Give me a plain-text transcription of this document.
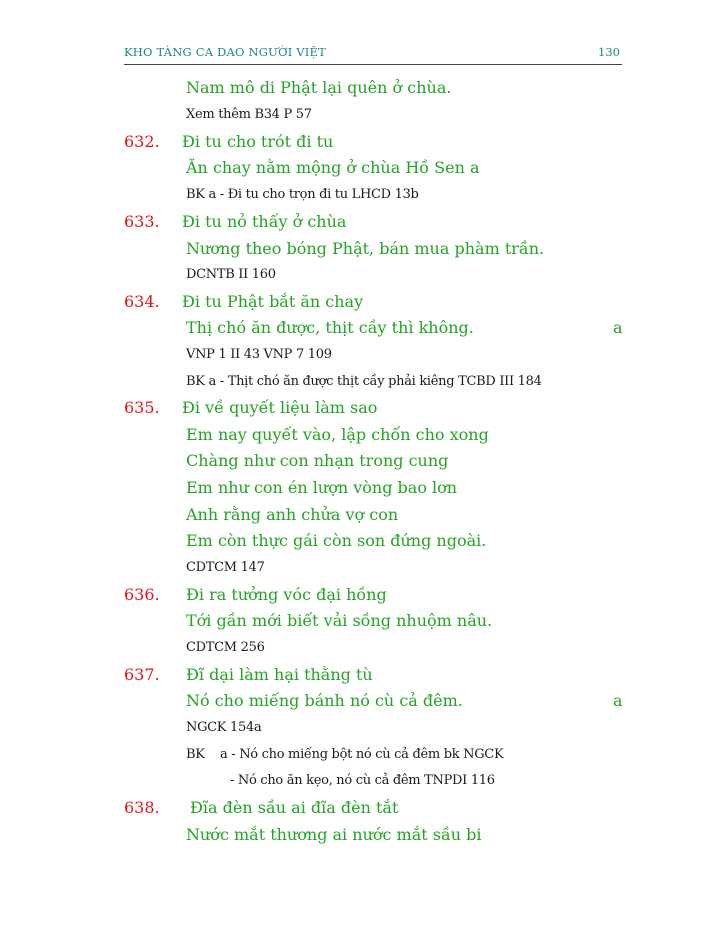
KHO TÀNG CA DAO NGƯỜI VIỆT	130
Nam mô di Phật lại quên ở chùa.
Xem thêm B34 P 57
632. Đi tu cho trót đi tu
Ăn chay nằm mộng ở chùa Hồ Sen a
BK a - Đi tu cho trọn đi tu LHCD 13b
633. Đi tu nỏ thấy ở chùa
Nương theo bóng Phật, bán mua phàm trần.
DCNTB II 160
634. Đi tu Phật bắt ăn chay
Thị chó ăn được, thịt cầy thì không.	a
VNP 1 II 43 VNP 7 109
BK a - Thịt chó ăn được thịt cầy phải kiêng TCBD III 184
635. Đi về quyết liệu làm sao
Em nay quyết vào, lập chốn cho xong
Chàng như con nhạn trong cung
Em như con én lượn vòng bao lơn
Anh rằng anh chửa vợ con
Em còn thực gái còn son đứng ngoài.
CDTCM 147
636. Đi ra tưởng vóc đại hồng
Tới gần mới biết vải sồng nhuộm nâu.
CDTCM 256
637. Đĩ dại làm hại thằng tù
Nó cho miếng bánh nó cù cả đêm.	a
NGCK 154a
BK    a - Nó cho miếng bột nó cù cả đêm bk NGCK
- Nó cho ăn kẹo, nó cù cả đêm TNPDI 116
638. Đĩa đèn sầu ai đĩa đèn tắt
Nước mắt thương ai nước mắt sầu bi
